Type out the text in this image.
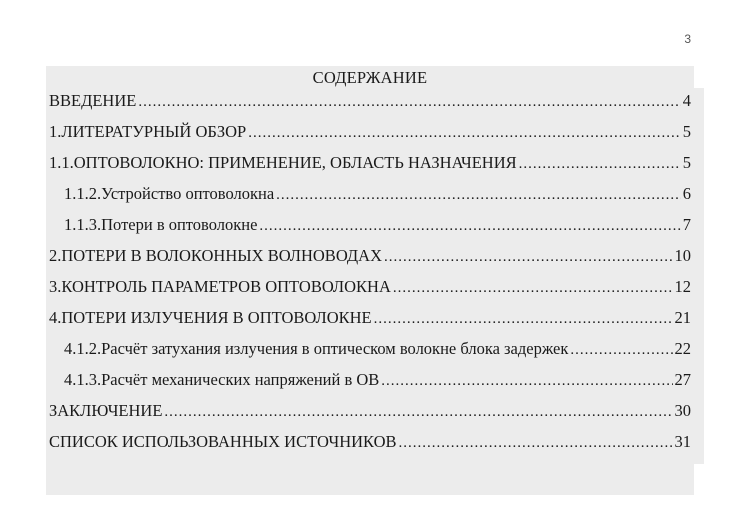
3
СОДЕРЖАНИЕ
ВВЕДЕНИЕ .....	4
1.ЛИТЕРАТУРНЫЙ ОБЗОР .....	5
1.1.ОПТОВОЛОКНО: ПРИМЕНЕНИЕ, ОБЛАСТЬ НАЗНАЧЕНИЯ .....	5
1.1.2.Устройство оптоволокна .....	6
1.1.3.Потери в оптоволокне .....	7
2.ПОТЕРИ В ВОЛОКОННЫХ ВОЛНОВОДАХ .....	10
3.КОНТРОЛЬ ПАРАМЕТРОВ ОПТОВОЛОКНА .....	12
4.ПОТЕРИ ИЗЛУЧЕНИЯ В ОПТОВОЛОКНЕ .....	21
4.1.2.Расчёт затухания излучения в оптическом волокне блока задержек .....	22
4.1.3.Расчёт механических напряжений в ОВ .....	27
ЗАКЛЮЧЕНИЕ .....	30
СПИСОК ИСПОЛЬЗОВАННЫХ ИСТОЧНИКОВ .....	31
